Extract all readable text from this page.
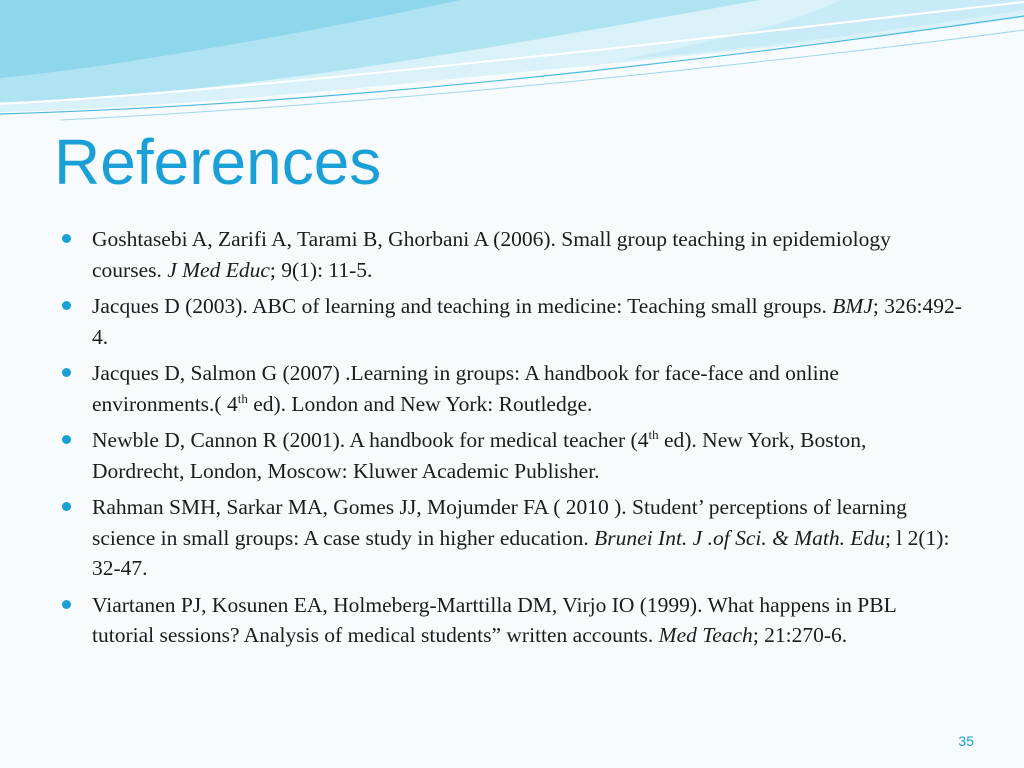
References
Goshtasebi A, Zarifi A, Tarami B, Ghorbani A (2006). Small group teaching in epidemiology courses. J Med Educ; 9(1): 11-5.
Jacques D (2003). ABC of learning and teaching in medicine: Teaching small groups. BMJ; 326:492-4.
Jacques D, Salmon G (2007) .Learning in groups: A handbook for face-face and online environments.( 4th ed). London and New York: Routledge.
Newble D, Cannon R (2001). A handbook for medical teacher (4th ed). New York, Boston, Dordrecht, London, Moscow: Kluwer Academic Publisher.
Rahman SMH, Sarkar MA, Gomes JJ, Mojumder FA ( 2010 ). Student’ perceptions of learning science in small groups: A case study in higher education. Brunei Int. J .of Sci. & Math. Edu; l 2(1): 32-47.
Viartanen PJ, Kosunen EA, Holmeberg-Marttilla DM, Virjo IO (1999). What happens in PBL tutorial sessions? Analysis of medical students” written accounts. Med Teach; 21:270-6.
35
